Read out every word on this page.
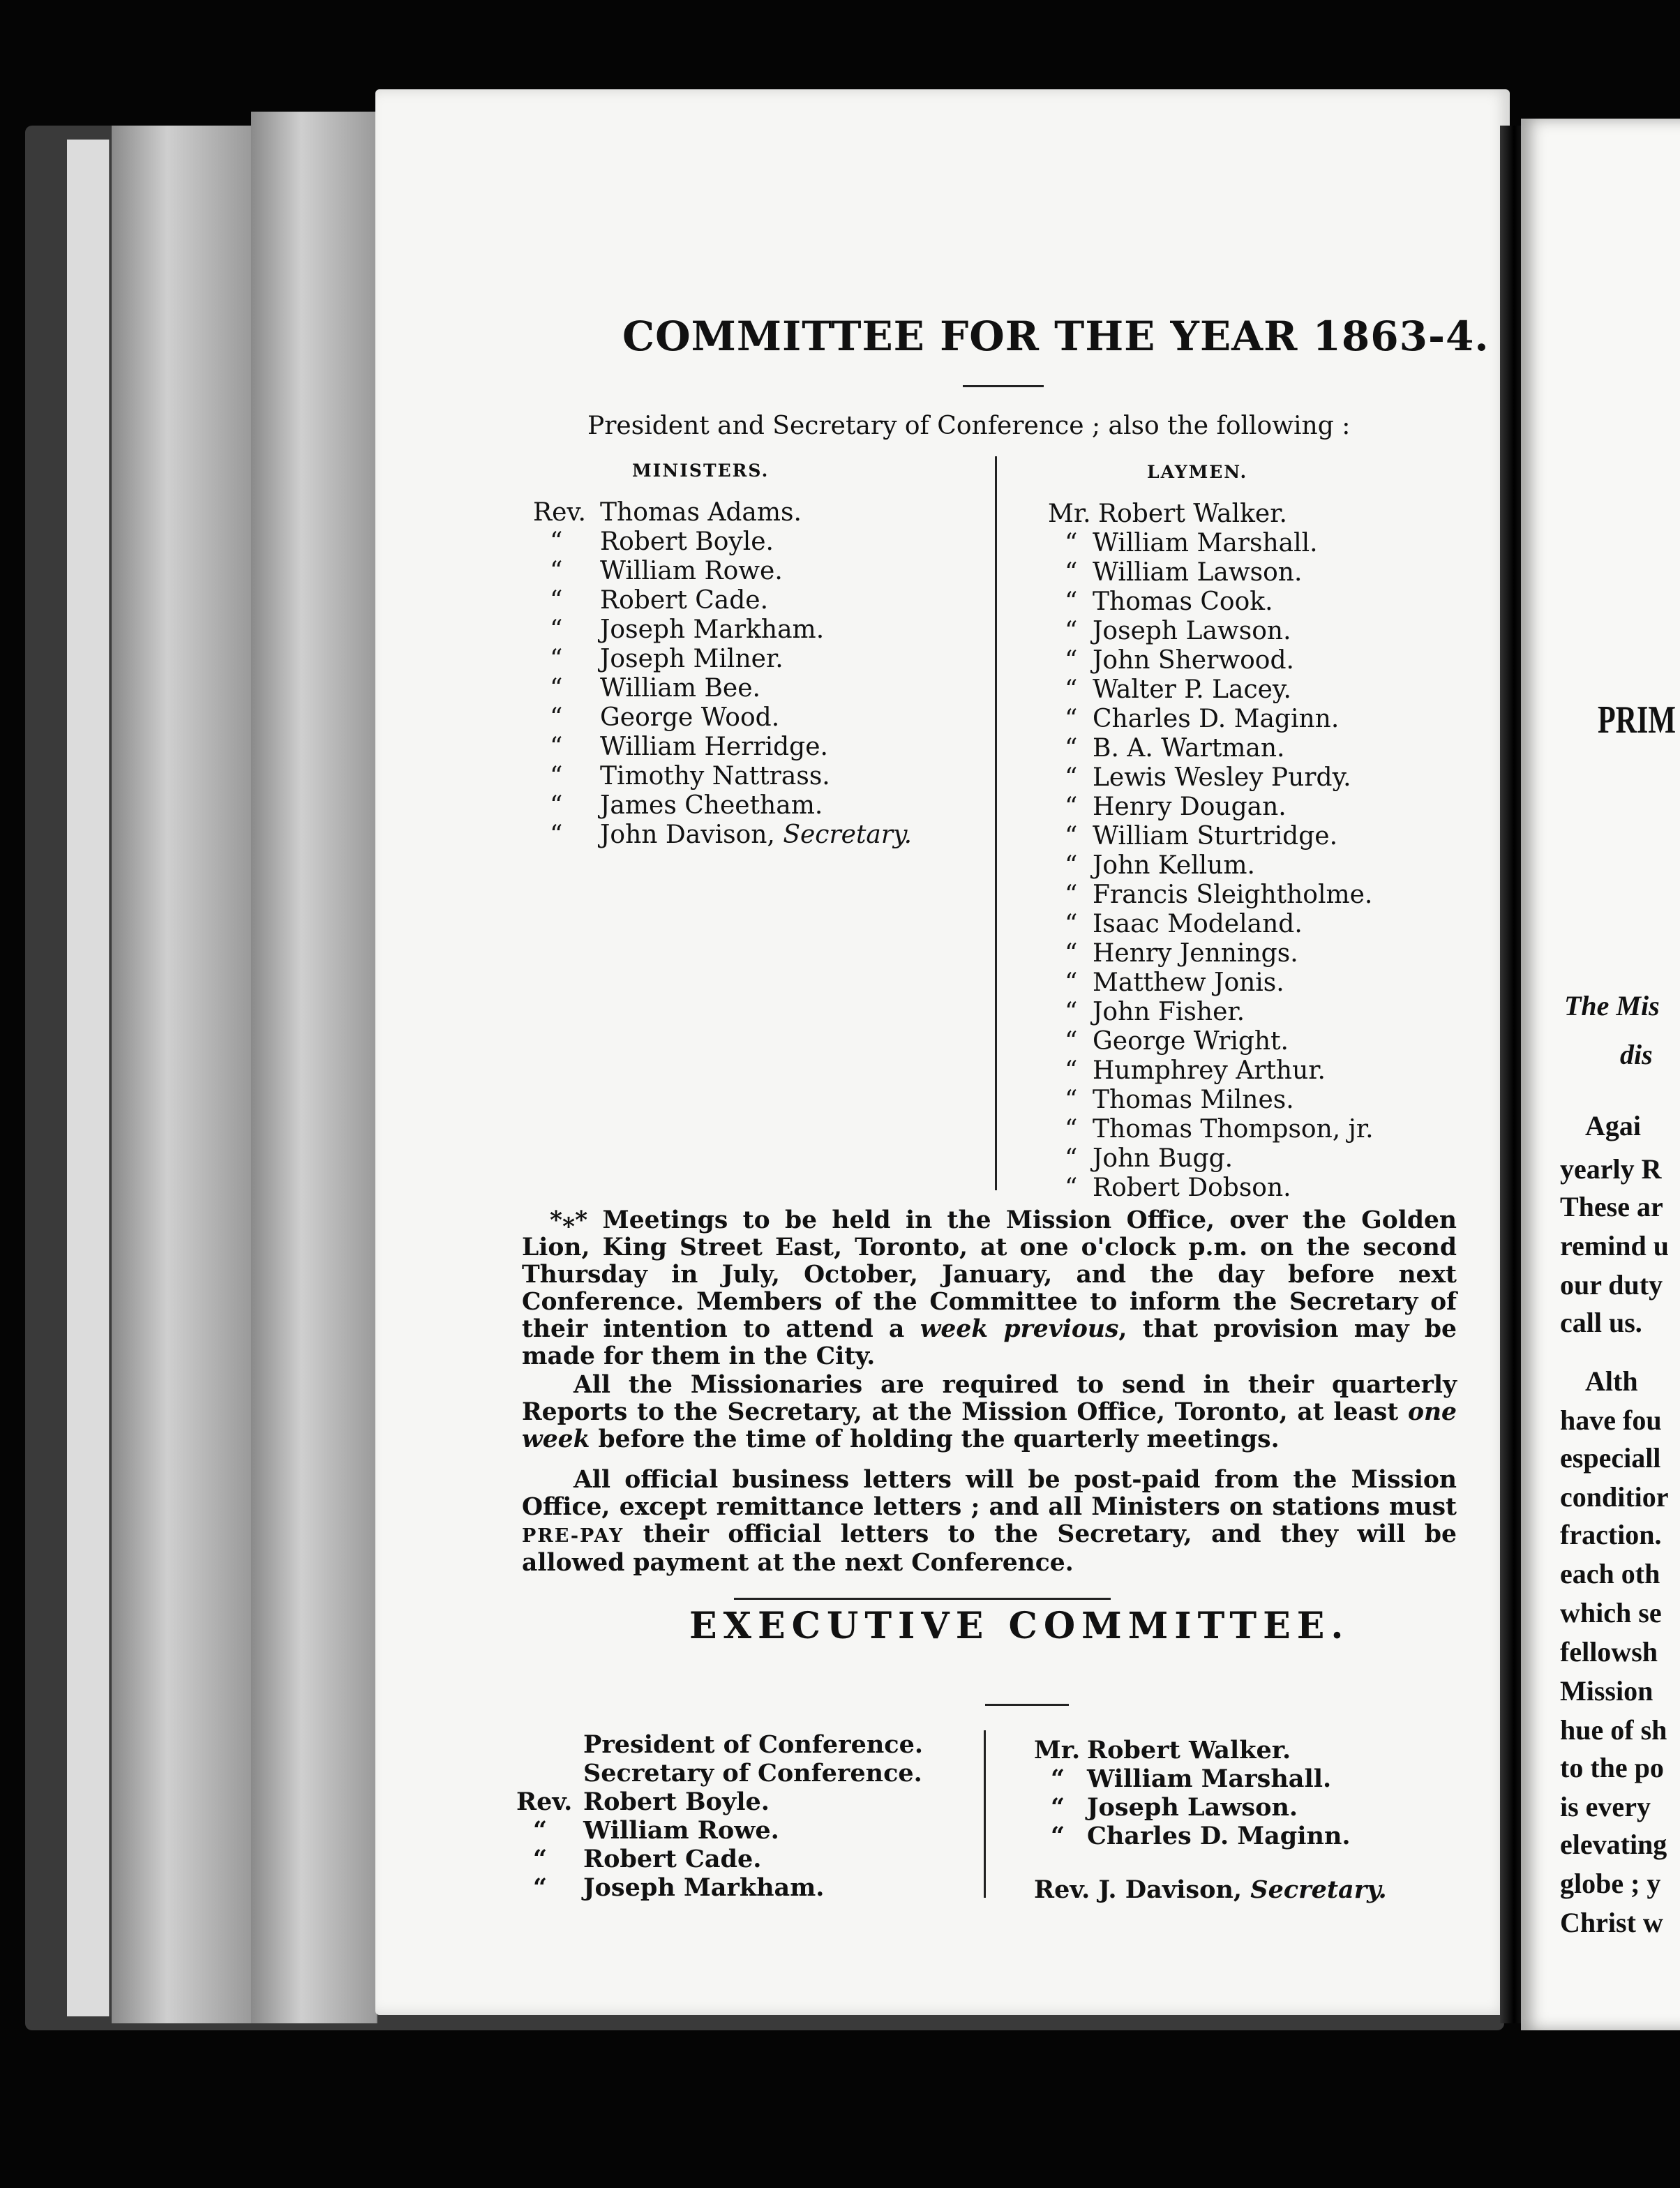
COMMITTEE FOR THE YEAR 1863-4.
President and Secretary of Conference ; also the following :
MINISTERS.	LAYMEN.
Rev. Thomas Adams.
“ Robert Boyle.
“ William Rowe.
“ Robert Cade.
“ Joseph Markham.
“ Joseph Milner.
“ William Bee.
“ George Wood.
“ William Herridge.
“ Timothy Nattrass.
“ James Cheetham.
“ John Davison, Secretary.
Mr. Robert Walker.
“ William Marshall.
“ William Lawson.
“ Thomas Cook.
“ Joseph Lawson.
“ John Sherwood.
“ Walter P. Lacey.
“ Charles D. Maginn.
“ B. A. Wartman.
“ Lewis Wesley Purdy.
“ Henry Dougan.
“ William Sturtridge.
“ John Kellum.
“ Francis Sleightholme.
“ Isaac Modeland.
“ Henry Jennings.
“ Matthew Jonis.
“ John Fisher.
“ George Wright.
“ Humphrey Arthur.
“ Thomas Milnes.
“ Thomas Thompson, jr.
“ John Bugg.
“ Robert Dobson.
*⁎* Meetings to be held in the Mission Office, over the Golden Lion, King Street East, Toronto, at one o'clock p.m. on the second Thursday in July, October, January, and the day before next Conference. Members of the Committee to inform the Secretary of their intention to attend a week previous, that provision may be made for them in the City.
All the Missionaries are required to send in their quarterly Reports to the Secretary, at the Mission Office, Toronto, at least one week before the time of holding the quarterly meetings.
All official business letters will be post-paid from the Mission Office, except remittance letters ; and all Ministers on stations must PRE-PAY their official letters to the Secretary, and they will be allowed payment at the next Conference.
EXECUTIVE COMMITTEE.
President of Conference.
Secretary of Conference.
Rev. Robert Boyle.
“ William Rowe.
“ Robert Cade.
“ Joseph Markham.
Mr. Robert Walker.
“ William Marshall.
“ Joseph Lawson.
“ Charles D. Maginn.
Rev. J. Davison, Secretary.
PRIM
The Mis
dis
Agai
yearly R
These ar
remind u
our duty
call us.
Alth
have fou
especiall
conditior
fraction.
each oth
which se
fellowsh
Mission
hue of sh
to the po
is every
elevating
globe ; y
Christ w
